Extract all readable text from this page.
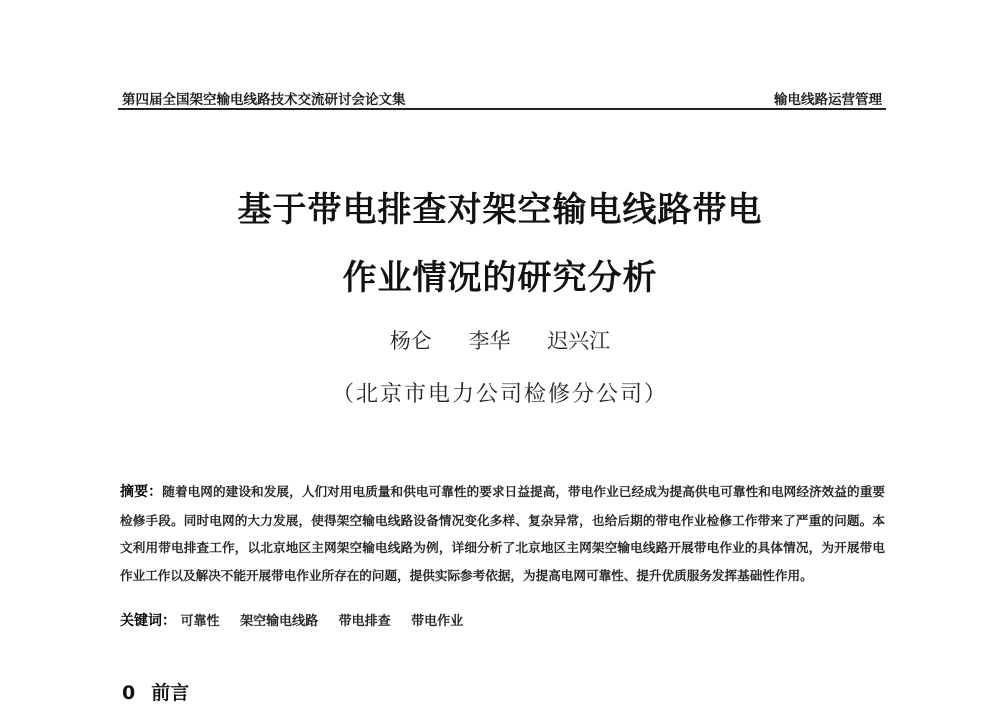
第四届全国架空输电线路技术交流研讨会论文集	输电线路运营管理
基于带电排查对架空输电线路带电
作业情况的研究分析
杨仑 李华 迟兴江
（北京市电力公司检修分公司）
摘要：随着电网的建设和发展，人们对用电质量和供电可靠性的要求日益提高，带电作业已经成为提高供电可靠性和电网经济效益的重要检修手段。同时电网的大力发展，使得架空输电线路设备情况变化多样、复杂异常，也给后期的带电作业检修工作带来了严重的问题。本文利用带电排查工作，以北京地区主网架空输电线路为例，详细分析了北京地区主网架空输电线路开展带电作业的具体情况，为开展带电作业工作以及解决不能开展带电作业所存在的问题，提供实际参考依据，为提高电网可靠性、提升优质服务发挥基础性作用。
关键词： 可靠性 架空输电线路 带电排查 带电作业
0 前言
